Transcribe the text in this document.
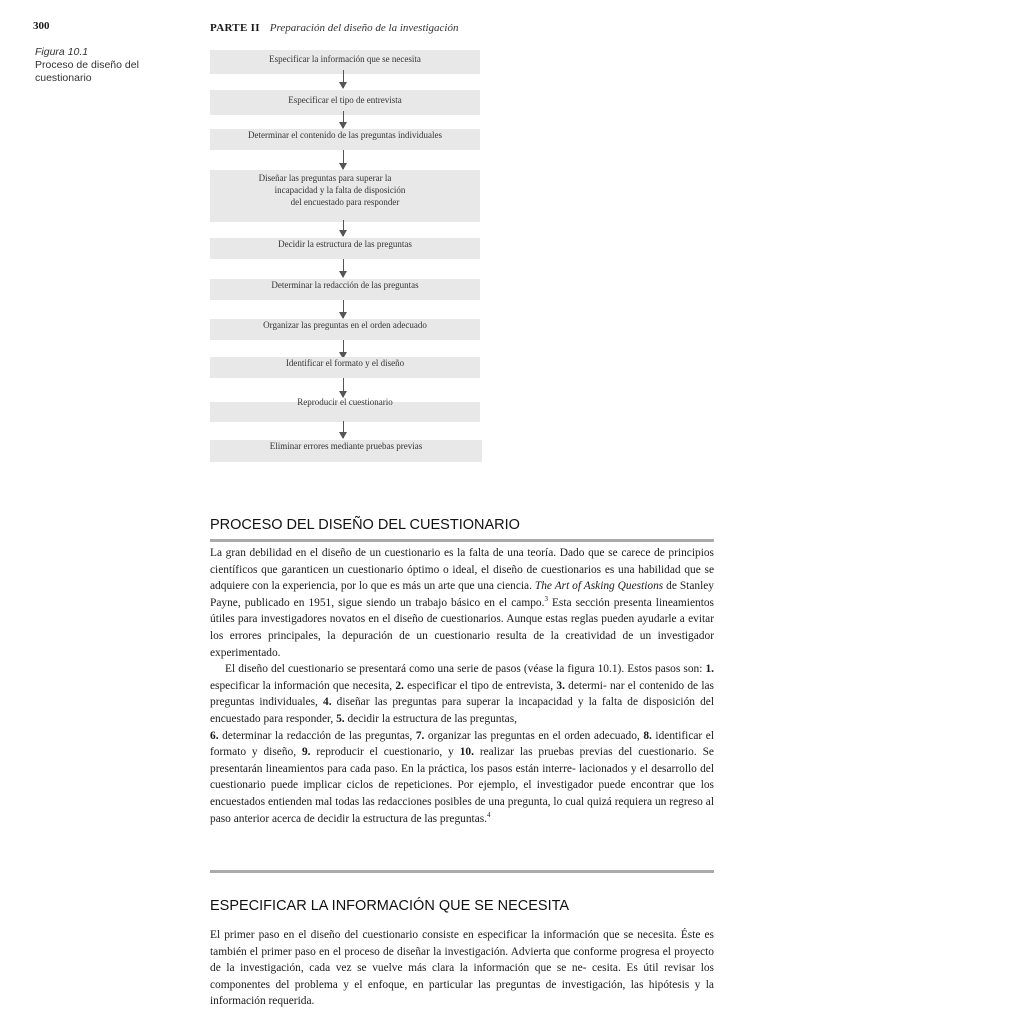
300
Figura 10.1
Proceso de diseño del cuestionario
PARTE II Preparación del diseño de la investigación
Especificar la información que se necesita
Especificar el tipo de entrevista
Determinar el contenido de las preguntas individuales
Diseñar las preguntas para superar la
incapacidad y la falta de disposición
del encuestado para responder
Decidir la estructura de las preguntas
Determinar la redacción de las preguntas
Organizar las preguntas en el orden adecuado
Identificar el formato y el diseño
Reproducir el cuestionario
Eliminar errores mediante pruebas previas
PROCESO DEL DISEÑO DEL CUESTIONARIO

La gran debilidad en el diseño de un cuestionario es la falta de una teoría. Dado que se carece de principios científicos que garanticen un cuestionario óptimo o ideal, el diseño de cuestionarios es una habilidad que se adquiere con la experiencia, por lo que es más un arte que una ciencia. The Art of Asking Questions de Stanley Payne, publicado en 1951, sigue siendo un trabajo básico en el campo.$^3$ Esta sección presenta lineamientos útiles para investigadores novatos en el diseño de cuestionarios. Aunque estas reglas pueden ayudarle a evitar los errores principales, la depuración de un cuestionario resulta de la creatividad de un investigador experimentado.

El diseño del cuestionario se presentará como una serie de pasos (véase la figura 10.1). Estos pasos son: 1. especificar la información que necesita, 2. especificar el tipo de entrevista, 3. determi- nar el contenido de las preguntas individuales, 4. diseñar las preguntas para superar la incapacidad y la falta de disposición del encuestado para responder, 5. decidir la estructura de las preguntas,

6. determinar la redacción de las preguntas, 7. organizar las preguntas en el orden adecuado, 8. identificar el formato y diseño, 9. reproducir el cuestionario, y 10. realizar las pruebas previas del cuestionario. Se presentarán lineamientos para cada paso. En la práctica, los pasos están interre- lacionados y el desarrollo del cuestionario puede implicar ciclos de repeticiones. Por ejemplo, el investigador puede encontrar que los encuestados entienden mal todas las redacciones posibles de una pregunta, lo cual quizá requiera un regreso al paso anterior acerca de decidir la estructura de las preguntas.$^4$

ESPECIFICAR LA INFORMACIÓN QUE SE NECESITA

El primer paso en el diseño del cuestionario consiste en especificar la información que se necesita. Éste es también el primer paso en el proceso de diseñar la investigación. Advierta que conforme progresa el proyecto de la investigación, cada vez se vuelve más clara la información que se ne- cesita. Es útil revisar los componentes del problema y el enfoque, en particular las preguntas de investigación, las hipótesis y la información requerida.
